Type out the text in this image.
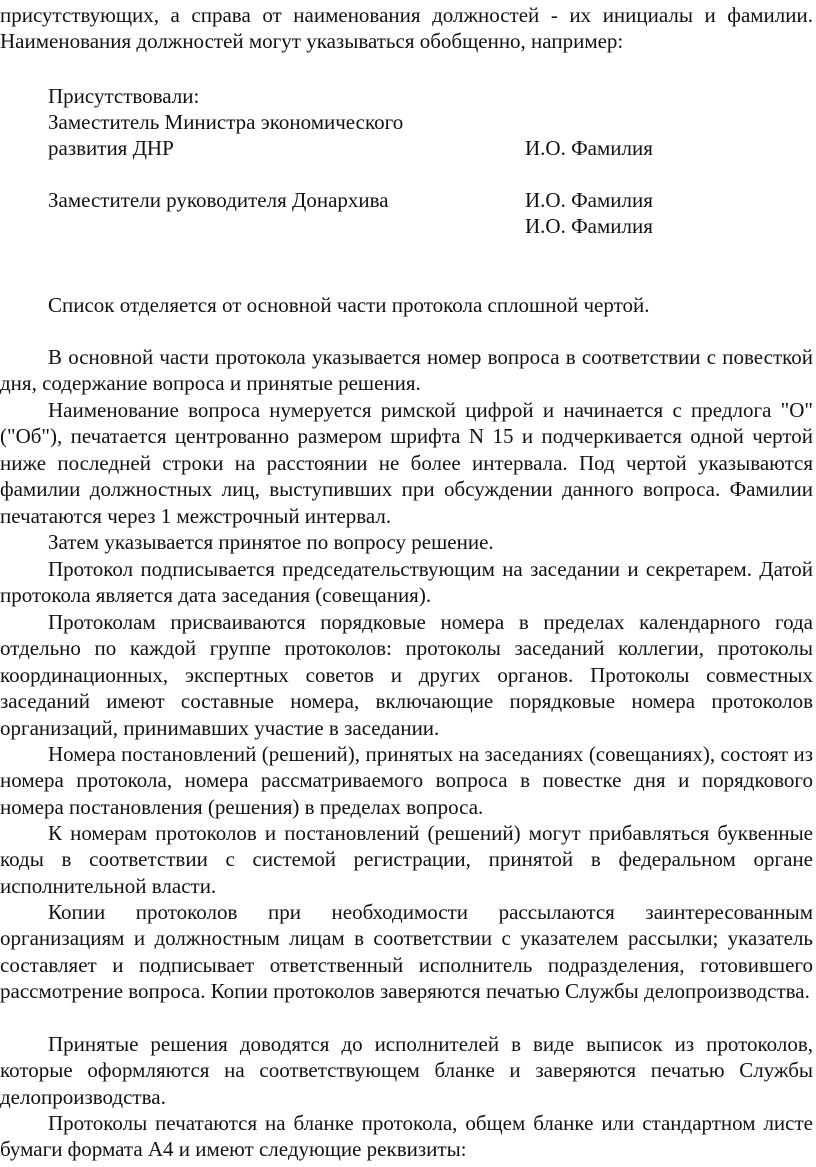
присутствующих, а справа от наименования должностей - их инициалы и фамилии. Наименования должностей могут указываться обобщенно, например:

Присутствовали:
Заместитель Министра экономического
развития ДНР	И.О. Фамилия
Заместители руководителя Донархива	И.О. Фамилия
И.О. Фамилия
Список отделяется от основной части протокола сплошной чертой.

В основной части протокола указывается номер вопроса в соответствии с повесткой дня, содержание вопроса и принятые решения.

Наименование вопроса нумеруется римской цифрой и начинается с предлога "О" ("Об"), печатается центрованно размером шрифта N 15 и подчеркивается одной чертой ниже последней строки на расстоянии не более интервала. Под чертой указываются фамилии должностных лиц, выступивших при обсуждении данного вопроса. Фамилии печатаются через 1 межстрочный интервал.

Затем указывается принятое по вопросу решение.

Протокол подписывается председательствующим на заседании и секретарем. Датой протокола является дата заседания (совещания).

Протоколам присваиваются порядковые номера в пределах календарного года отдельно по каждой группе протоколов: протоколы заседаний коллегии, протоколы координационных, экспертных советов и других органов. Протоколы совместных заседаний имеют составные номера, включающие порядковые номера протоколов организаций, принимавших участие в заседании.

Номера постановлений (решений), принятых на заседаниях (совещаниях), состоят из номера протокола, номера рассматриваемого вопроса в повестке дня и порядкового номера постановления (решения) в пределах вопроса.

К номерам протоколов и постановлений (решений) могут прибавляться буквенные коды в соответствии с системой регистрации, принятой в федеральном органе исполнительной власти.

Копии протоколов при необходимости рассылаются заинтересованным организациям и должностным лицам в соответствии с указателем рассылки; указатель составляет и подписывает ответственный исполнитель подразделения, готовившего рассмотрение вопроса. Копии протоколов заверяются печатью Службы делопроизводства.

Принятые решения доводятся до исполнителей в виде выписок из протоколов, которые оформляются на соответствующем бланке и заверяются печатью Службы делопроизводства.

Протоколы печатаются на бланке протокола, общем бланке или стандартном листе бумаги формата А4 и имеют следующие реквизиты:
